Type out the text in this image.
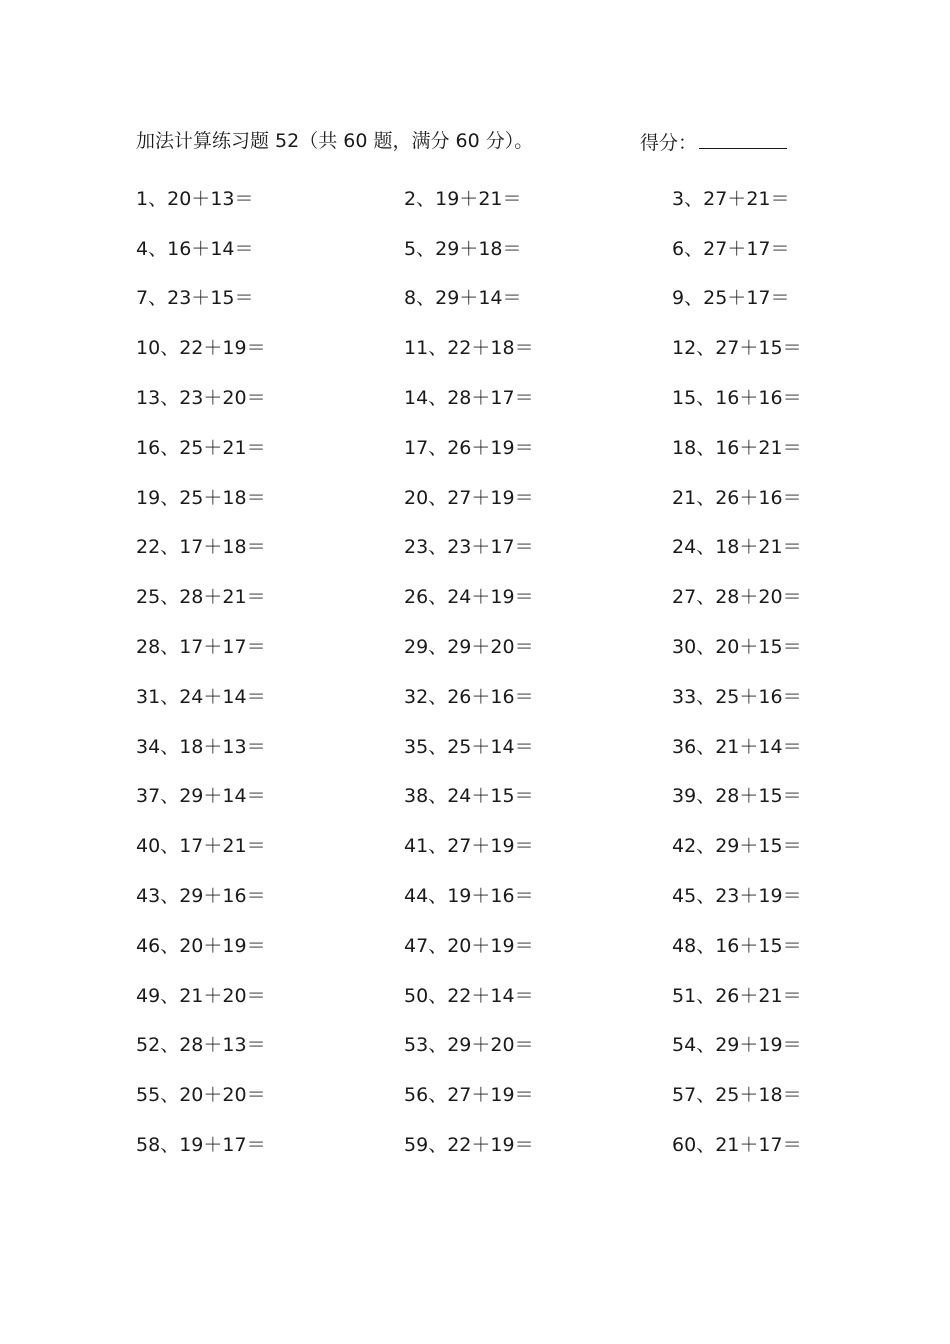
加法计算练习题 52（共 60 题，满分 60 分）。	得分：
1、20＋13＝	2、19＋21＝	3、27＋21＝
4、16＋14＝	5、29＋18＝	6、27＋17＝
7、23＋15＝	8、29＋14＝	9、25＋17＝
10、22＋19＝	11、22＋18＝	12、27＋15＝
13、23＋20＝	14、28＋17＝	15、16＋16＝
16、25＋21＝	17、26＋19＝	18、16＋21＝
19、25＋18＝	20、27＋19＝	21、26＋16＝
22、17＋18＝	23、23＋17＝	24、18＋21＝
25、28＋21＝	26、24＋19＝	27、28＋20＝
28、17＋17＝	29、29＋20＝	30、20＋15＝
31、24＋14＝	32、26＋16＝	33、25＋16＝
34、18＋13＝	35、25＋14＝	36、21＋14＝
37、29＋14＝	38、24＋15＝	39、28＋15＝
40、17＋21＝	41、27＋19＝	42、29＋15＝
43、29＋16＝	44、19＋16＝	45、23＋19＝
46、20＋19＝	47、20＋19＝	48、16＋15＝
49、21＋20＝	50、22＋14＝	51、26＋21＝
52、28＋13＝	53、29＋20＝	54、29＋19＝
55、20＋20＝	56、27＋19＝	57、25＋18＝
58、19＋17＝	59、22＋19＝	60、21＋17＝
